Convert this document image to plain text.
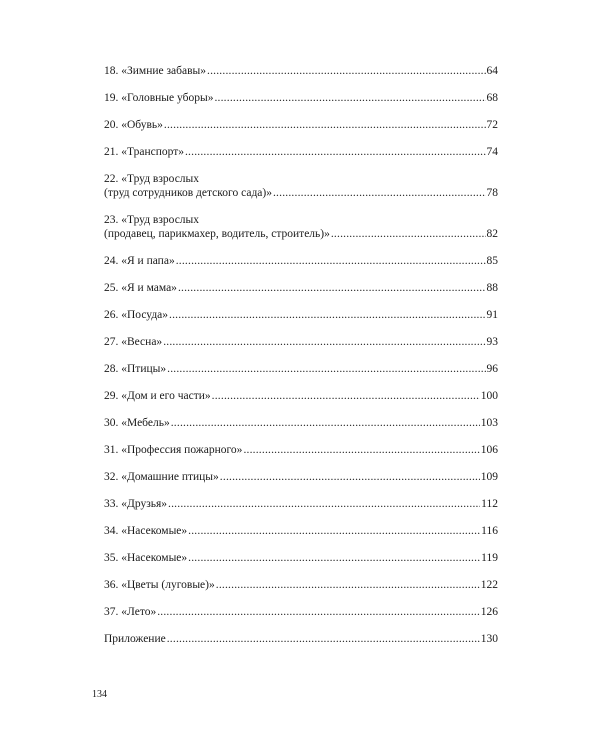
18. «Зимние забавы» .....	64
19. «Головные уборы» .....	68
20. «Обувь» .....	72
21. «Транспорт» .....	74
22. «Труд взрослых
(труд сотрудников детского сада)» .....	78
23. «Труд взрослых
(продавец, парикмахер, водитель, строитель)» .....	82
24. «Я и папа» .....	85
25. «Я и мама» .....	88
26. «Посуда» .....	91
27. «Весна» .....	93
28. «Птицы» .....	96
29. «Дом и его части» .....	100
30. «Мебель» .....	103
31. «Профессия пожарного» .....	106
32. «Домашние птицы» .....	109
33. «Друзья» .....	112
34. «Насекомые» .....	116
35. «Насекомые» .....	119
36. «Цветы (луговые)» .....	122
37. «Лето» .....	126
Приложение .....	130
134
